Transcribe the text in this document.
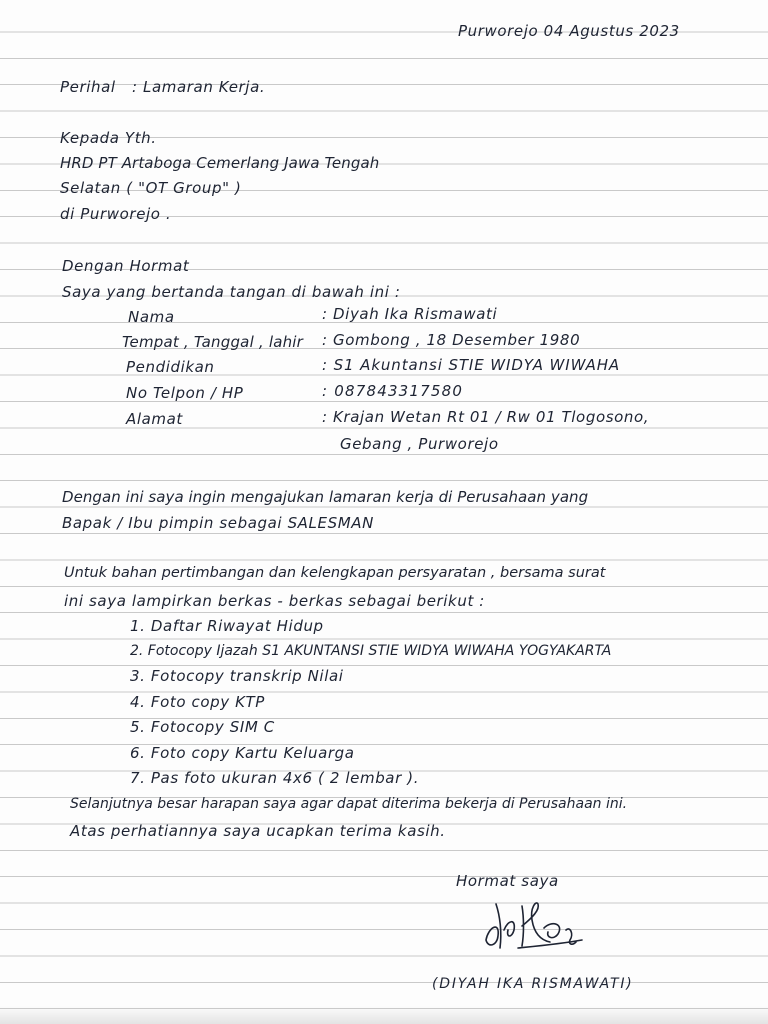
Purworejo 04 Agustus 2023
Perihal : Lamaran Kerja.
Kepada Yth.
HRD PT Artaboga Cemerlang Jawa Tengah
Selatan ( "OT Group" )
di Purworejo .
Dengan Hormat
Saya yang bertanda tangan di bawah ini :
Nama	: Diyah Ika Rismawati
Tempat , Tanggal , lahir : Gombong , 18 Desember 1980
Pendidikan	: S1 Akuntansi STIE WIDYA WIWAHA
No Telpon / HP	: 087843317580
Alamat	: Krajan Wetan Rt 01 / Rw 01 Tlogosono,
Gebang , Purworejo
Dengan ini saya ingin mengajukan lamaran kerja di Perusahaan yang
Bapak / Ibu pimpin sebagai SALESMAN
Untuk bahan pertimbangan dan kelengkapan persyaratan , bersama surat
ini saya lampirkan berkas - berkas sebagai berikut :
1. Daftar Riwayat Hidup
2. Fotocopy Ijazah S1 AKUNTANSI STIE WIDYA WIWAHA YOGYAKARTA
3. Fotocopy transkrip Nilai
4. Foto copy KTP
5. Fotocopy SIM C
6. Foto copy Kartu Keluarga
7. Pas foto ukuran 4x6 ( 2 lembar ).
Selanjutnya besar harapan saya agar dapat diterima bekerja di Perusahaan ini.
Atas perhatiannya saya ucapkan terima kasih.
Hormat saya
(DIYAH IKA RISMAWATI)
